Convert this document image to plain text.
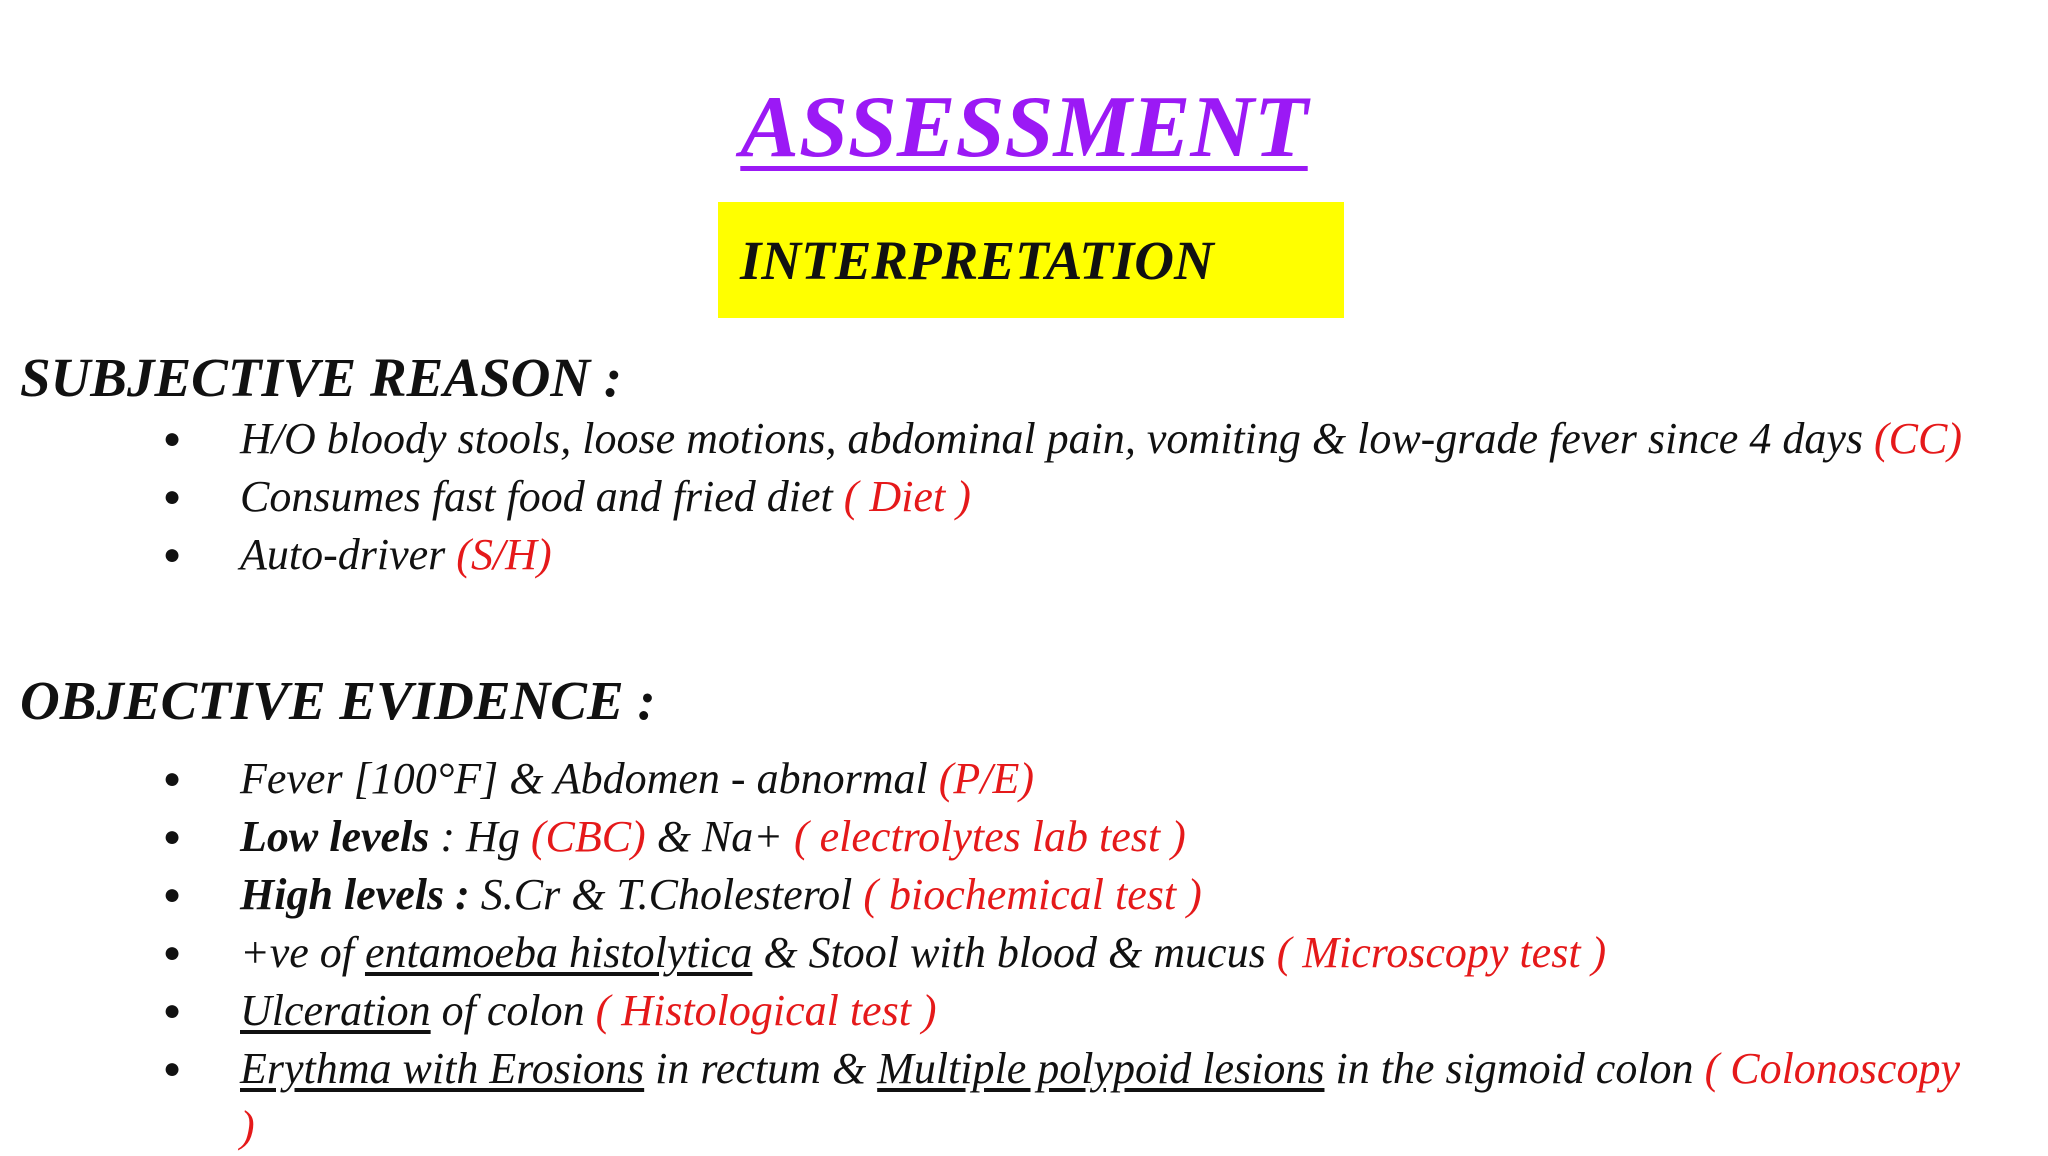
ASSESSMENT
INTERPRETATION
SUBJECTIVE REASON :
● H/O bloody stools, loose motions, abdominal pain, vomiting & low-grade fever since 4 days (CC)
● Consumes fast food and fried diet ( Diet )
● Auto-driver (S/H)
OBJECTIVE EVIDENCE :
● Fever [100°F] & Abdomen - abnormal (P/E)
● Low levels : Hg (CBC) & Na+ ( electrolytes lab test )
● High levels : S.Cr & T.Cholesterol ( biochemical test )
● +ve of entamoeba histolytica & Stool with blood & mucus ( Microscopy test )
● Ulceration of colon ( Histological test )
● Erythma with Erosions in rectum & Multiple polypoid lesions in the sigmoid colon ( Colonoscopy )
